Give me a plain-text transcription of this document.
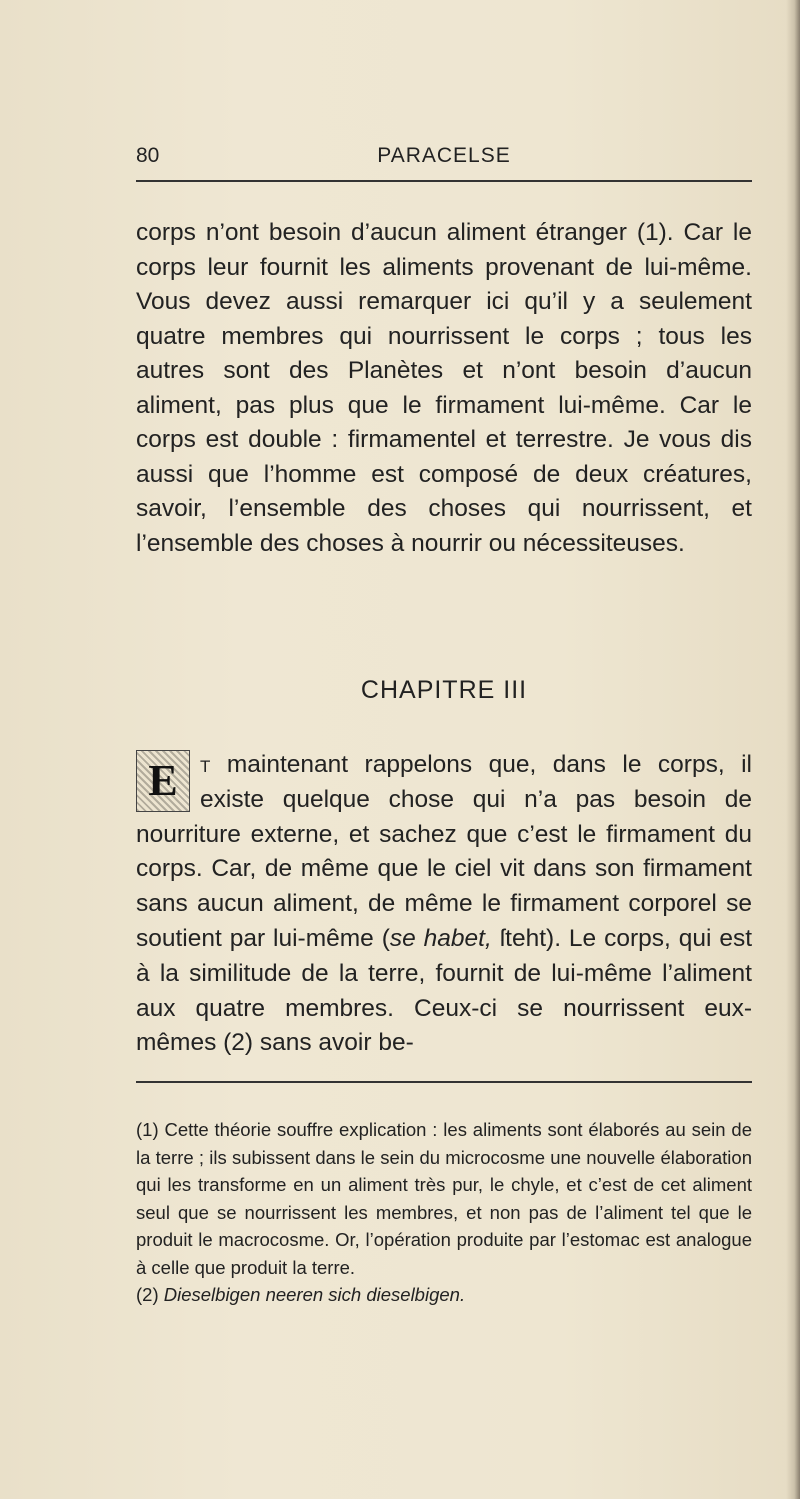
80	PARACELSE

corps n’ont besoin d’aucun aliment étranger (1). Car le corps leur fournit les aliments provenant de lui-même. Vous devez aussi remarquer ici qu’il y a seulement quatre membres qui nourrissent le corps ; tous les autres sont des Planètes et n’ont besoin d’aucun aliment, pas plus que le firmament lui-même. Car le corps est double : firmamentel et terrestre. Je vous dis aussi que l’homme est composé de deux créatures, savoir, l’ensemble des choses qui nourrissent, et l’ensemble des choses à nourrir ou nécessiteuses.

CHAPITRE III

E t maintenant rappelons que, dans le corps, il existe quelque chose qui n’a pas besoin de nourriture externe, et sachez que c’est le firmament du corps. Car, de même que le ciel vit dans son firmament sans aucun aliment, de même le firmament corporel se soutient par lui-même (se habet, ſteht). Le corps, qui est à la similitude de la terre, fournit de lui-même l’aliment aux quatre membres. Ceux-ci se nourrissent eux-mêmes (2) sans avoir be-

(1) Cette théorie souffre explication : les aliments sont élaborés au sein de la terre ; ils subissent dans le sein du microcosme une nouvelle élaboration qui les transforme en un aliment très pur, le chyle, et c’est de cet aliment seul que se nourrissent les membres, et non pas de l’aliment tel que le produit le macrocosme. Or, l’opération produite par l’estomac est analogue à celle que produit la terre.

(2) Dieselbigen neeren sich dieselbigen.
